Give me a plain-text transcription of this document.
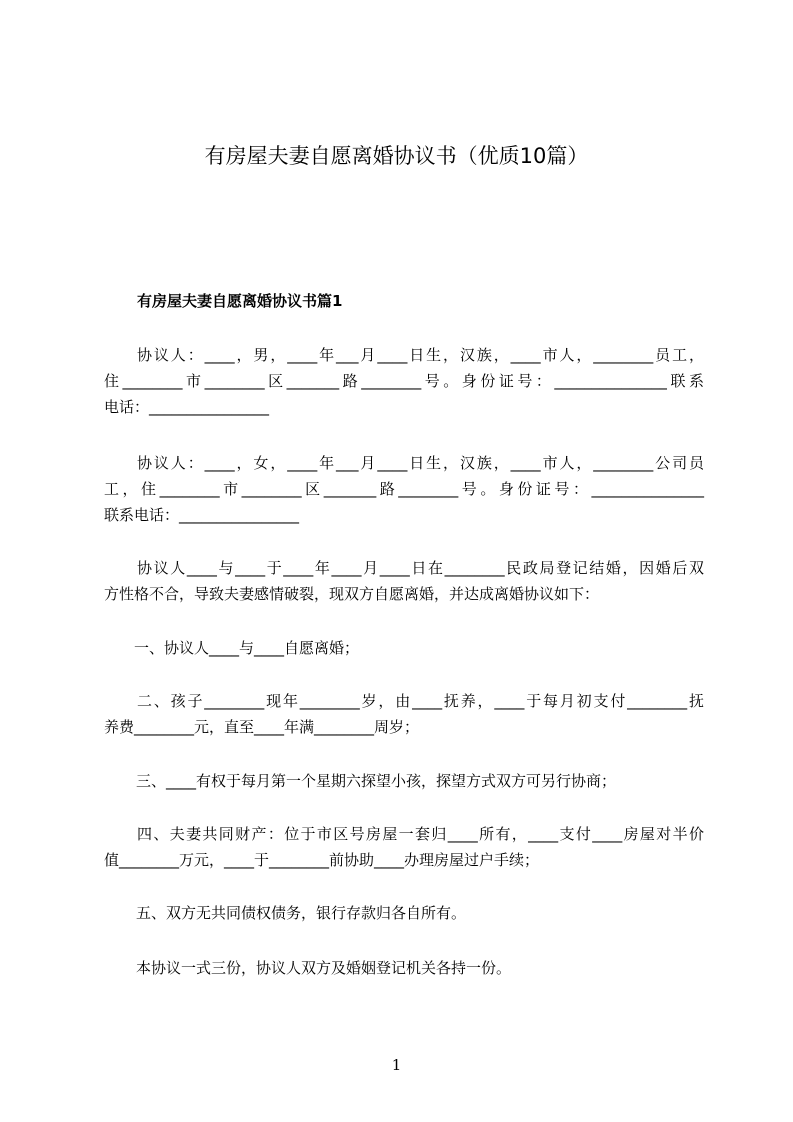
有房屋夫妻自愿离婚协议书（优质10篇）
有房屋夫妻自愿离婚协议书篇1
协议人：____，男，____年___月____日生，汉族，____市人，________员工，
住________市________区_______路________号。身份证号：_______________联系
电话：________________
协议人：____，女，____年___月____日生，汉族，____市人，________公司员
工，住________市________区_______路________号。身份证号：_______________
联系电话：________________
协议人____与____于____年____月____日在________民政局登记结婚，因婚后双
方性格不合，导致夫妻感情破裂，现双方自愿离婚，并达成离婚协议如下：
一、协议人____与____自愿离婚；
二、孩子________现年________岁，由____抚养，____于每月初支付________抚
养费________元，直至____年满________周岁；
三、____有权于每月第一个星期六探望小孩，探望方式双方可另行协商；
四、夫妻共同财产：位于市区号房屋一套归____所有，____支付____房屋对半价
值________万元，____于________前协助____办理房屋过户手续；
五、双方无共同债权债务，银行存款归各自所有。
本协议一式三份，协议人双方及婚姻登记机关各持一份。
1
